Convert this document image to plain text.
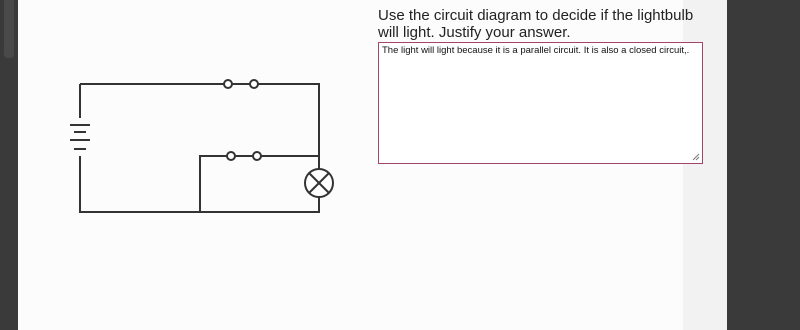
Use the circuit diagram to decide if the lightbulb will light. Justify your answer.
The light will light because it is a parallel circuit. It is also a closed circuit,.
